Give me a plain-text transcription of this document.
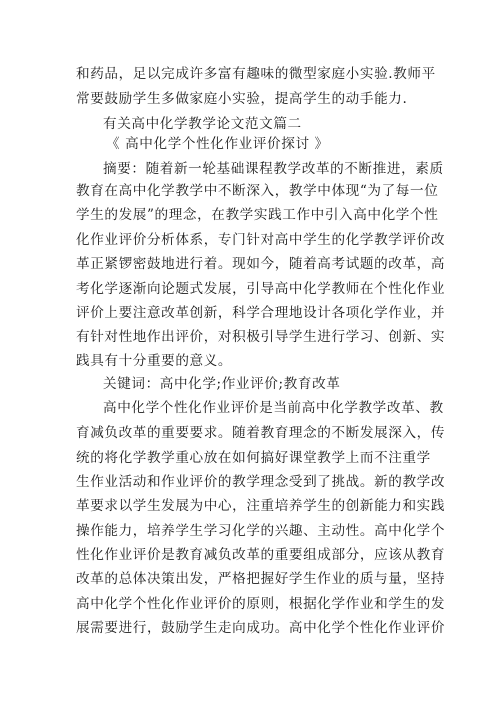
和药品，足以完成许多富有趣味的微型家庭小实验.教师平
常要鼓励学生多做家庭小实验，提高学生的动手能力.
有关高中化学教学论文范文篇二
《 高中化学个性化作业评价探讨 》
摘要：随着新一轮基础课程教学改革的不断推进，素质
教育在高中化学教学中不断深入，教学中体现“为了每一位
学生的发展”的理念，在教学实践工作中引入高中化学个性
化作业评价分析体系，专门针对高中学生的化学教学评价改
革正紧锣密鼓地进行着。现如今，随着高考试题的改革，高
考化学逐渐向论题式发展，引导高中化学教师在个性化作业
评价上要注意改革创新，科学合理地设计各项化学作业，并
有针对性地作出评价，对积极引导学生进行学习、创新、实
践具有十分重要的意义。
关键词：高中化学;作业评价;教育改革
高中化学个性化作业评价是当前高中化学教学改革、教
育减负改革的重要要求。随着教育理念的不断发展深入，传
统的将化学教学重心放在如何搞好课堂教学上而不注重学
生作业活动和作业评价的教学理念受到了挑战。新的教学改
革要求以学生发展为中心，注重培养学生的创新能力和实践
操作能力，培养学生学习化学的兴趣、主动性。高中化学个
性化作业评价是教育减负改革的重要组成部分，应该从教育
改革的总体决策出发，严格把握好学生作业的质与量，坚持
高中化学个性化作业评价的原则，根据化学作业和学生的发
展需要进行，鼓励学生走向成功。高中化学个性化作业评价
